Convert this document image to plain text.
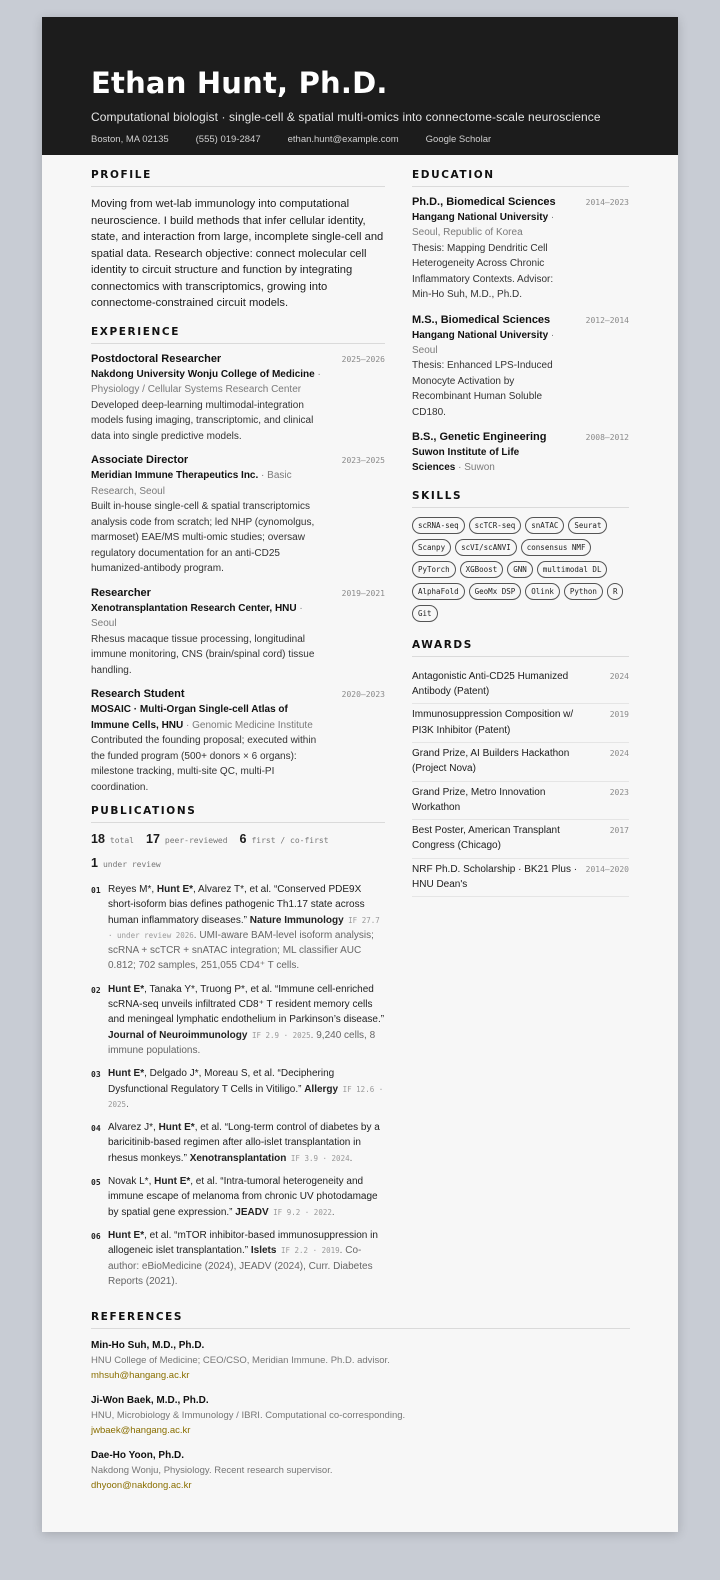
Ethan Hunt, Ph.D.
Computational biologist · single-cell & spatial multi-omics into connectome-scale neuroscience
Boston, MA 02135	(555) 019-2847	ethan.hunt@example.com	Google Scholar
PROFILE
Moving from wet-lab immunology into computational neuroscience. I build methods that infer cellular identity, state, and interaction from large, incomplete single-cell and spatial data. Research objective: connect molecular cell identity to circuit structure and function by integrating connectomics with transcriptomics, growing into connectome-constrained circuit models.
EXPERIENCE
Postdoctoral Researcher	2025–2026
Nakdong University Wonju College of Medicine · Physiology / Cellular Systems Research Center
Developed deep-learning multimodal-integration models fusing imaging, transcriptomic, and clinical data into single predictive models.
Associate Director	2023–2025
Meridian Immune Therapeutics Inc. · Basic Research, Seoul
Built in-house single-cell & spatial transcriptomics analysis code from scratch; led NHP (cynomolgus, marmoset) EAE/MS multi-omic studies; oversaw regulatory documentation for an anti-CD25 humanized-antibody program.
Researcher	2019–2021
Xenotransplantation Research Center, HNU · Seoul
Rhesus macaque tissue processing, longitudinal immune monitoring, CNS (brain/spinal cord) tissue handling.
Research Student	2020–2023
MOSAIC · Multi-Organ Single-cell Atlas of Immune Cells, HNU · Genomic Medicine Institute
Contributed the founding proposal; executed within the funded program (500+ donors × 6 organs): milestone tracking, multi-site QC, multi-PI coordination.
PUBLICATIONS
18 total 17 peer-reviewed 6 first / co-first
1 under review
01 Reyes M*, Hunt E*, Alvarez T*, et al. “Conserved PDE9X short-isoform bias defines pathogenic Th1.17 state across human inflammatory diseases.” Nature Immunology IF 27.7 · under review 2026. UMI-aware BAM-level isoform analysis; scRNA + scTCR + snATAC integration; ML classifier AUC 0.812; 702 samples, 251,055 CD4⁺ T cells.
02 Hunt E*, Tanaka Y*, Truong P*, et al. “Immune cell-enriched scRNA-seq unveils infiltrated CD8⁺ T resident memory cells and meningeal lymphatic endothelium in Parkinson’s disease.” Journal of Neuroimmunology IF 2.9 · 2025. 9,240 cells, 8 immune populations.
03 Hunt E*, Delgado J*, Moreau S, et al. “Deciphering Dysfunctional Regulatory T Cells in Vitiligo.” Allergy IF 12.6 · 2025.
04 Alvarez J*, Hunt E*, et al. “Long-term control of diabetes by a baricitinib-based regimen after allo-islet transplantation in rhesus monkeys.” Xenotransplantation IF 3.9 · 2024.
05 Novak L*, Hunt E*, et al. “Intra-tumoral heterogeneity and immune escape of melanoma from chronic UV photodamage by spatial gene expression.” JEADV IF 9.2 · 2022.
06 Hunt E*, et al. “mTOR inhibitor-based immunosuppression in allogeneic islet transplantation.” Islets IF 2.2 · 2019. Co-author: eBioMedicine (2024), JEADV (2024), Curr. Diabetes Reports (2021).
EDUCATION
Ph.D., Biomedical Sciences	2014–2023
Hangang National University · Seoul, Republic of Korea
Thesis: Mapping Dendritic Cell Heterogeneity Across Chronic Inflammatory Contexts. Advisor: Min-Ho Suh, M.D., Ph.D.
M.S., Biomedical Sciences	2012–2014
Hangang National University · Seoul
Thesis: Enhanced LPS-Induced Monocyte Activation by Recombinant Human Soluble CD180.
B.S., Genetic Engineering	2008–2012
Suwon Institute of Life Sciences · Suwon
SKILLS
scRNA-seq	scTCR-seq	snATAC	Seurat
Scanpy	scVI/scANVI	consensus NMF
PyTorch	XGBoost	GNN	multimodal DL
AlphaFold	GeoMx DSP	Olink	Python	R
Git
AWARDS
Antagonistic Anti-CD25 Humanized Antibody (Patent)
2024
Immunosuppression Composition w/ PI3K Inhibitor (Patent)
2019
Grand Prize, AI Builders Hackathon (Project Nova)
2024
Grand Prize, Metro Innovation Workathon
2023
Best Poster, American Transplant Congress (Chicago)
2017
NRF Ph.D. Scholarship · BK21 Plus · HNU Dean's
2014–2020
REFERENCES
Min-Ho Suh, M.D., Ph.D.
HNU College of Medicine; CEO/CSO, Meridian Immune. Ph.D. advisor.
mhsuh@hangang.ac.kr
Ji-Won Baek, M.D., Ph.D.
HNU, Microbiology & Immunology / IBRI. Computational co-corresponding.
jwbaek@hangang.ac.kr
Dae-Ho Yoon, Ph.D.
Nakdong Wonju, Physiology. Recent research supervisor.
dhyoon@nakdong.ac.kr
